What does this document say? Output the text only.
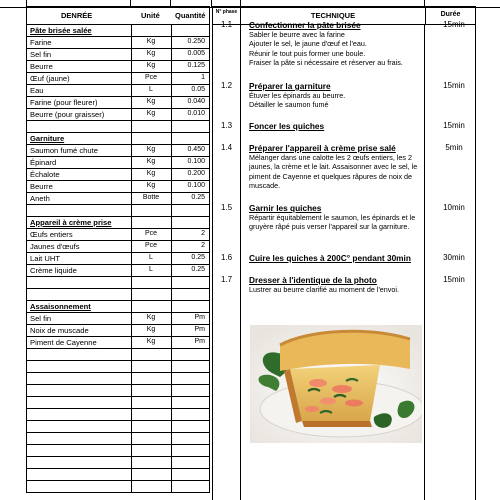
DENRÉE	Unité Quantité
Pâte brisée salée
Farine	Kg	0.250
Sel fin	Kg	0.005
Beurre	Kg	0.125
Œuf (jaune)	Pce	1
Eau	L	0.05
Farine (pour fleurer)	Kg	0.040
Beurre (pour graisser)	Kg	0.010
Garniture
Saumon fumé chute	Kg	0.450
Épinard	Kg	0.100
Échalote	Kg	0.200
Beurre	Kg	0.100
Aneth	Botte	0.25
Appareil à crème prise
Œufs entiers	Pce	2
Jaunes d'œufs	Pce	2
Lait UHT	L	0.25
Crème liquide	L	0.25
Assaisonnement
Sel fin	Kg	Pm
Noix de muscade	Kg	Pm
Piment de Cayenne	Kg	Pm
N° phase	TECHNIQUE	Durée
1.1 Confectionner la pâte brisée
Sabler le beurre avec la farine
Ajouter le sel, le jaune d'œuf et l'eau.
Réunir le tout puis former une boule.
Fraiser la pâte si nécessaire et réserver au frais.
15min
1.2 Préparer la garniture
Étuver les épinards au beurre.
Détailler le saumon fumé
15min
1.3 Foncer les quiches	15min
1.4 Préparer l'appareil à crème prise salé
Mélanger dans une calotte les 2 œufs entiers, les 2 jaunes, la crème et le lait. Assaisonner avec le sel, le piment de Cayenne et quelques râpures de noix de muscade.
5min
1.5 Garnir les quiches
Répartir équitablement le saumon, les épinards et le gruyère râpé puis verser l'appareil sur la garniture.
10min
1.6 Cuire les quiches à 200C° pendant 30min	30min
1.7 Dresser à l'identique de la photo
Lustrer au beurre clarifié au moment de l'envoi.
15min
